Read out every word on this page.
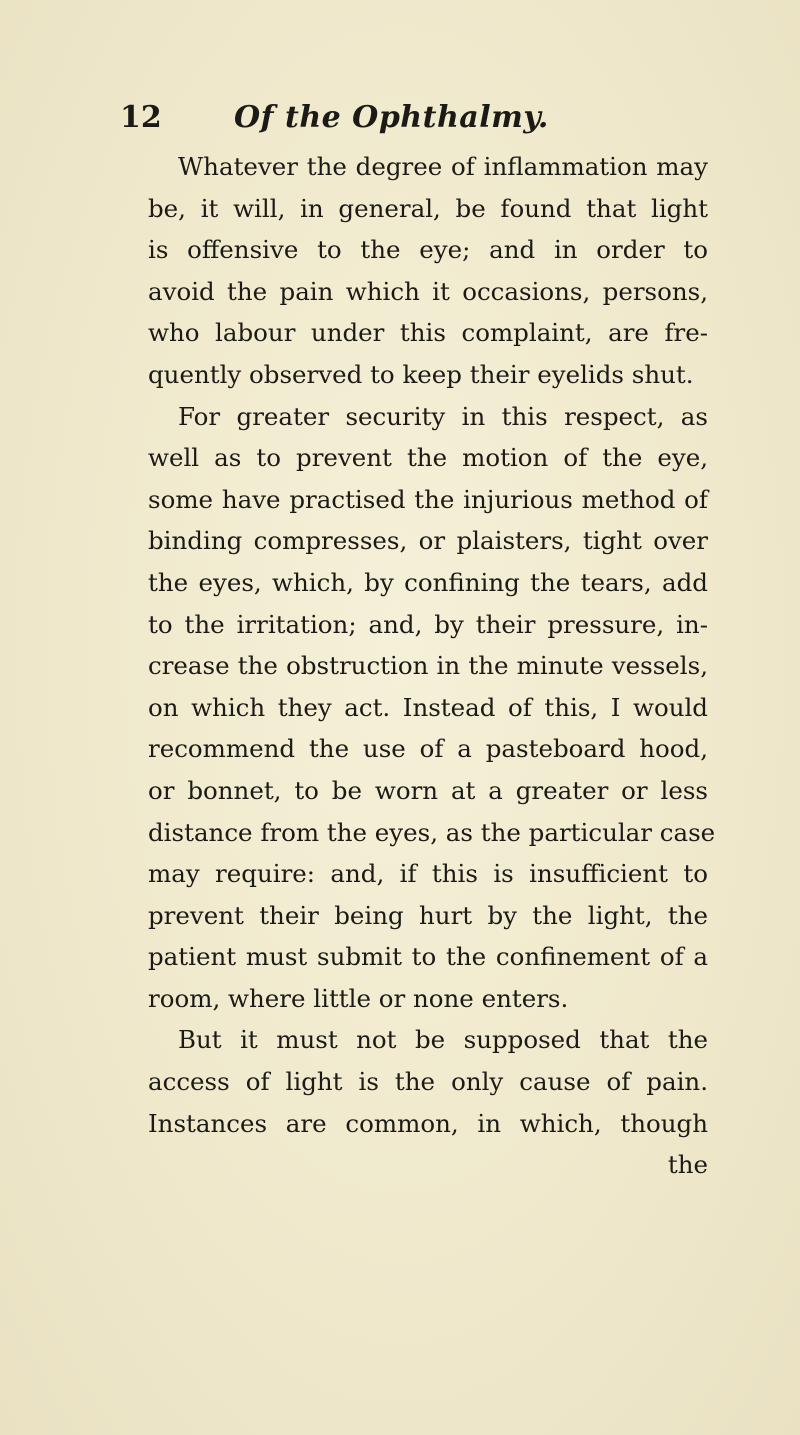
12 Of the Ophthalmy.
Whatever the degree of inflammation may
be, it will, in general, be found that light
is offensive to the eye; and in order to
avoid the pain which it occasions, persons,
who labour under this complaint, are fre-
quently observed to keep their eyelids shut.
For greater security in this respect, as
well as to prevent the motion of the eye,
some have practised the injurious method of
binding compresses, or plaisters, tight over
the eyes, which, by confining the tears, add
to the irritation; and, by their pressure, in-
crease the obstruction in the minute vessels,
on which they act. Instead of this, I would
recommend the use of a pasteboard hood,
or bonnet, to be worn at a greater or less
distance from the eyes, as the particular case
may require: and, if this is insufficient to
prevent their being hurt by the light, the
patient must submit to the confinement of a
room, where little or none enters.
But it must not be supposed that the
access of light is the only cause of pain.
Instances are common, in which, though
the
